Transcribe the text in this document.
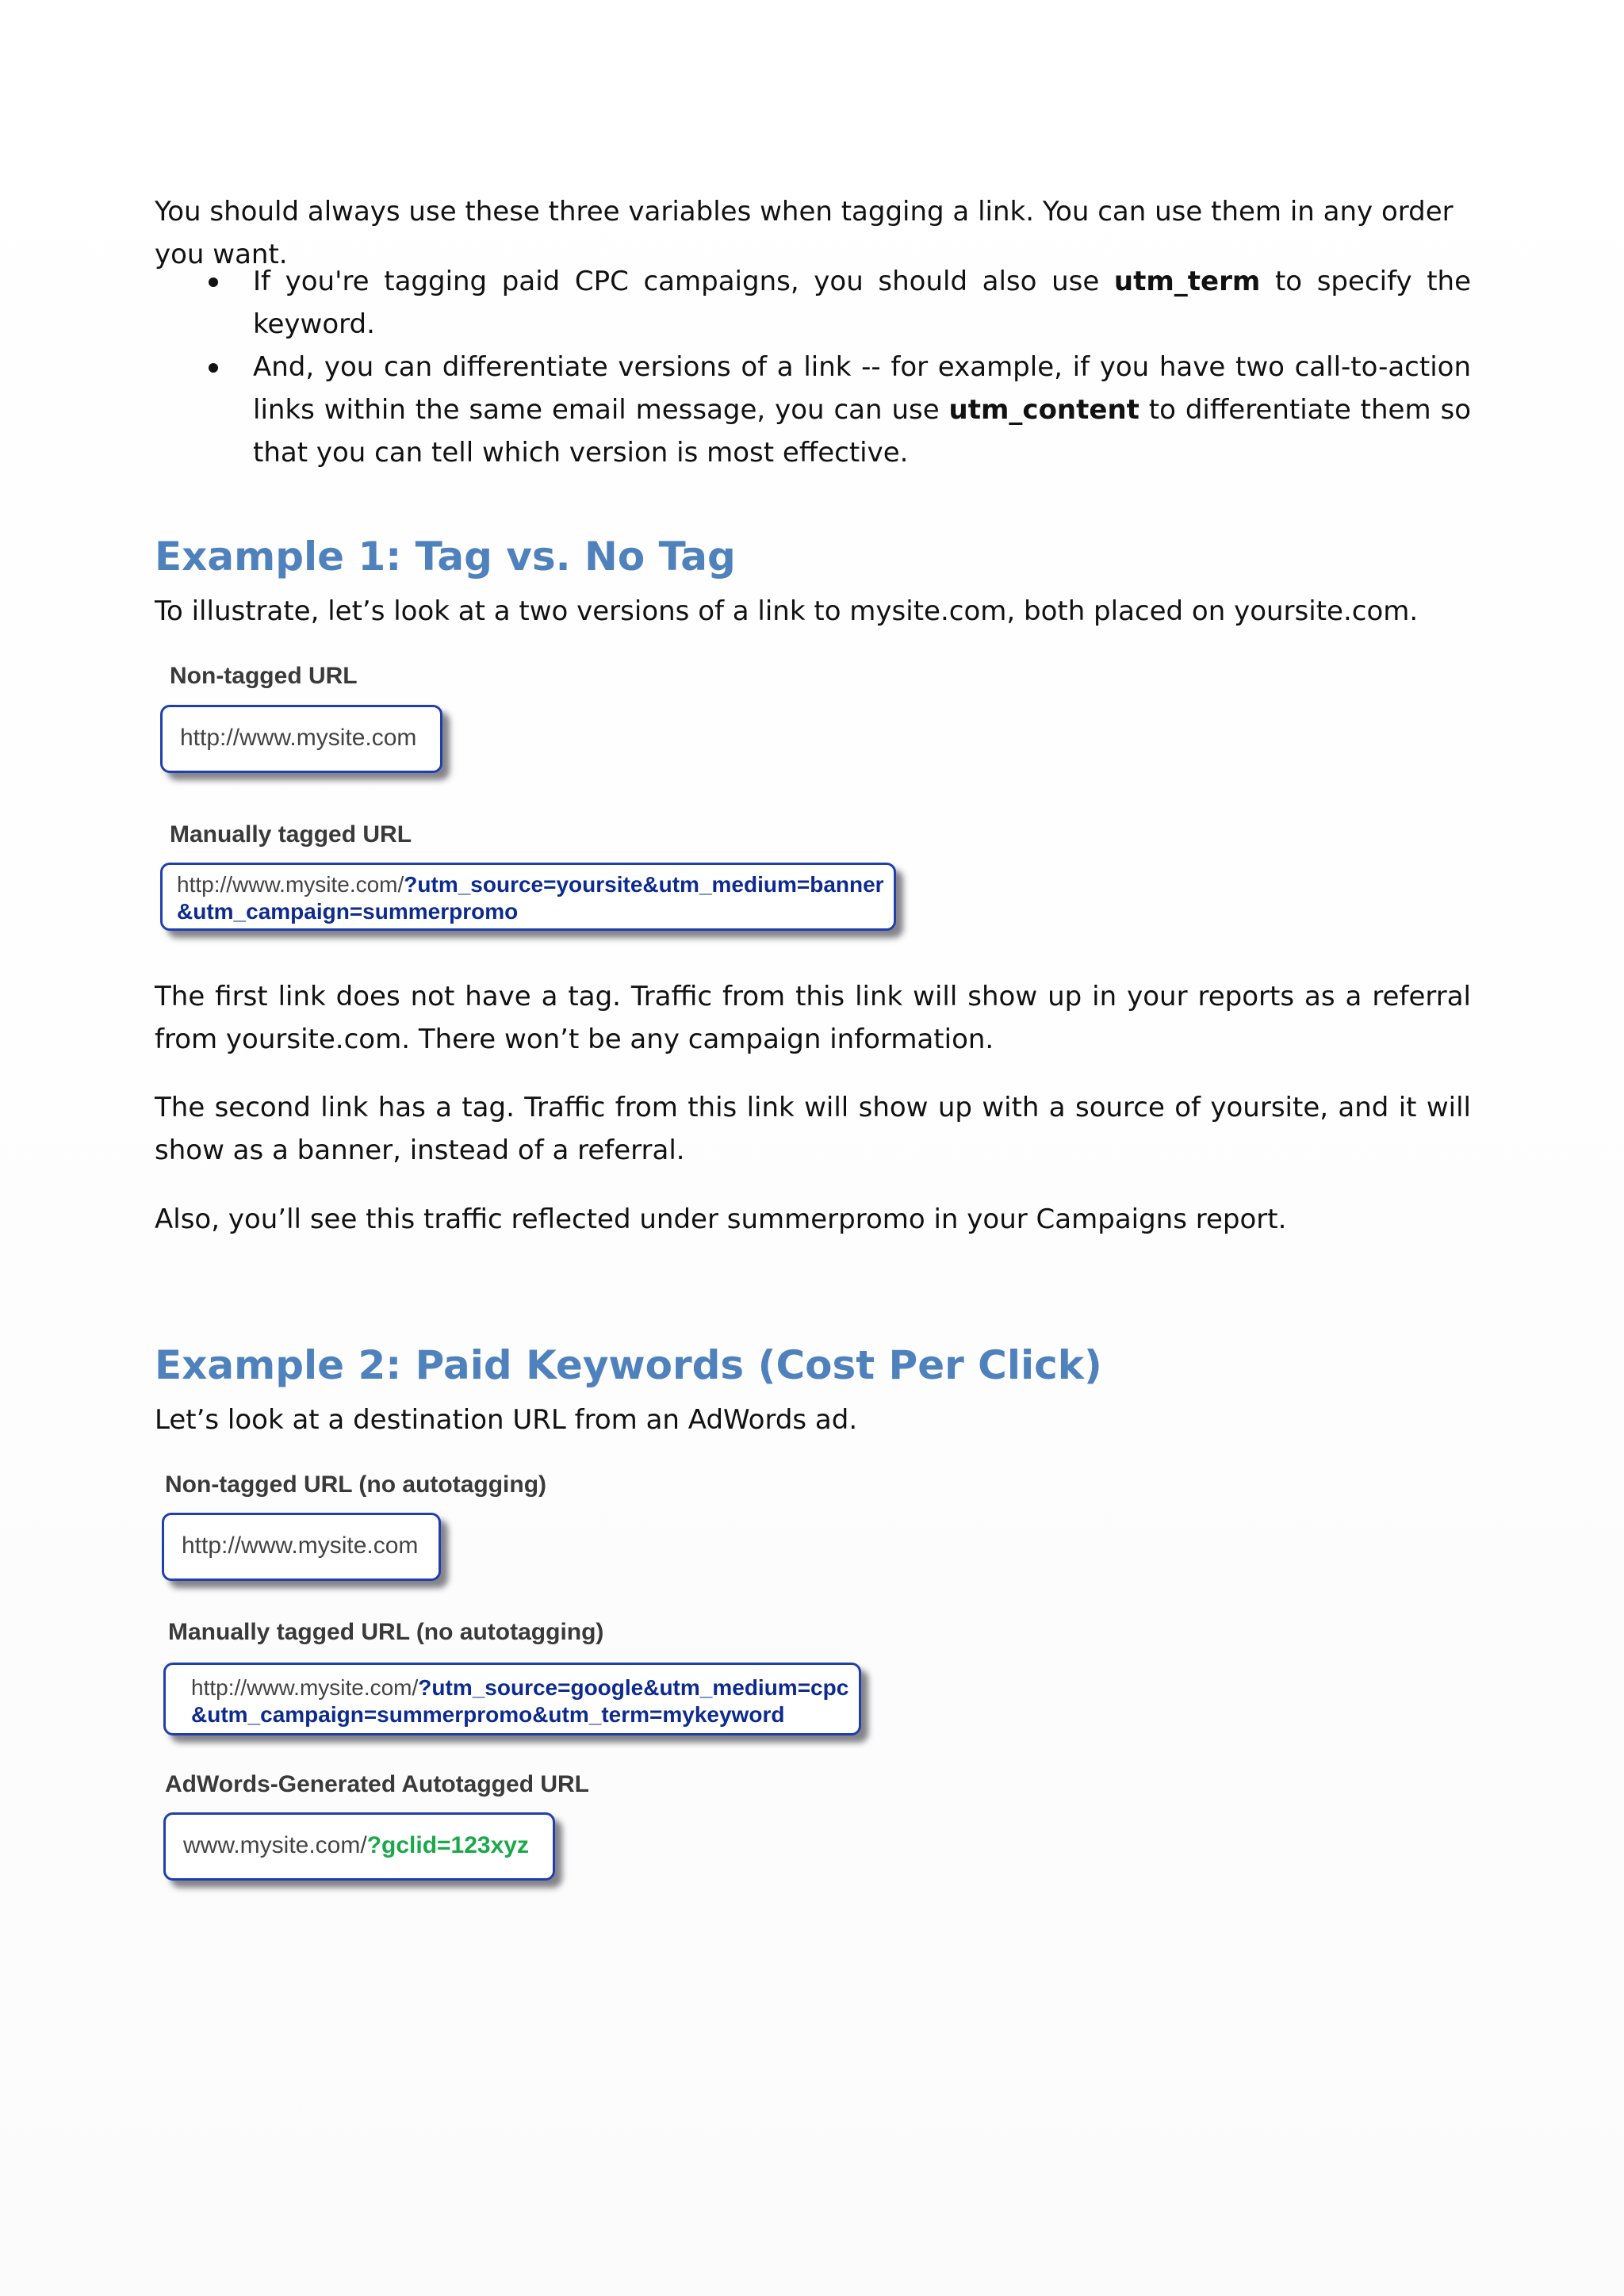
You should always use these three variables when tagging a link. You can use them in any order you want.
If you're tagging paid CPC campaigns, you should also use utm_term to specify the keyword.
And, you can differentiate versions of a link -- for example, if you have two call-to-action links within the same email message, you can use utm_content to differentiate them so that you can tell which version is most effective.
Example 1: Tag vs. No Tag
To illustrate, let’s look at a two versions of a link to mysite.com, both placed on yoursite.com.
Non-tagged URL
http://www.mysite.com
Manually tagged URL
http://www.mysite.com/?utm_source=yoursite&utm_medium=banner
&utm_campaign=summerpromo
The first link does not have a tag. Traffic from this link will show up in your reports as a referral from yoursite.com. There won’t be any campaign information.
The second link has a tag. Traffic from this link will show up with a source of yoursite, and it will show as a banner, instead of a referral.
Also, you’ll see this traffic reflected under summerpromo in your Campaigns report.
Example 2: Paid Keywords (Cost Per Click)
Let’s look at a destination URL from an AdWords ad.
Non-tagged URL (no autotagging)
http://www.mysite.com
Manually tagged URL (no autotagging)
http://www.mysite.com/?utm_source=google&utm_medium=cpc
&utm_campaign=summerpromo&utm_term=mykeyword
AdWords-Generated Autotagged URL
www.mysite.com/?gclid=123xyz
